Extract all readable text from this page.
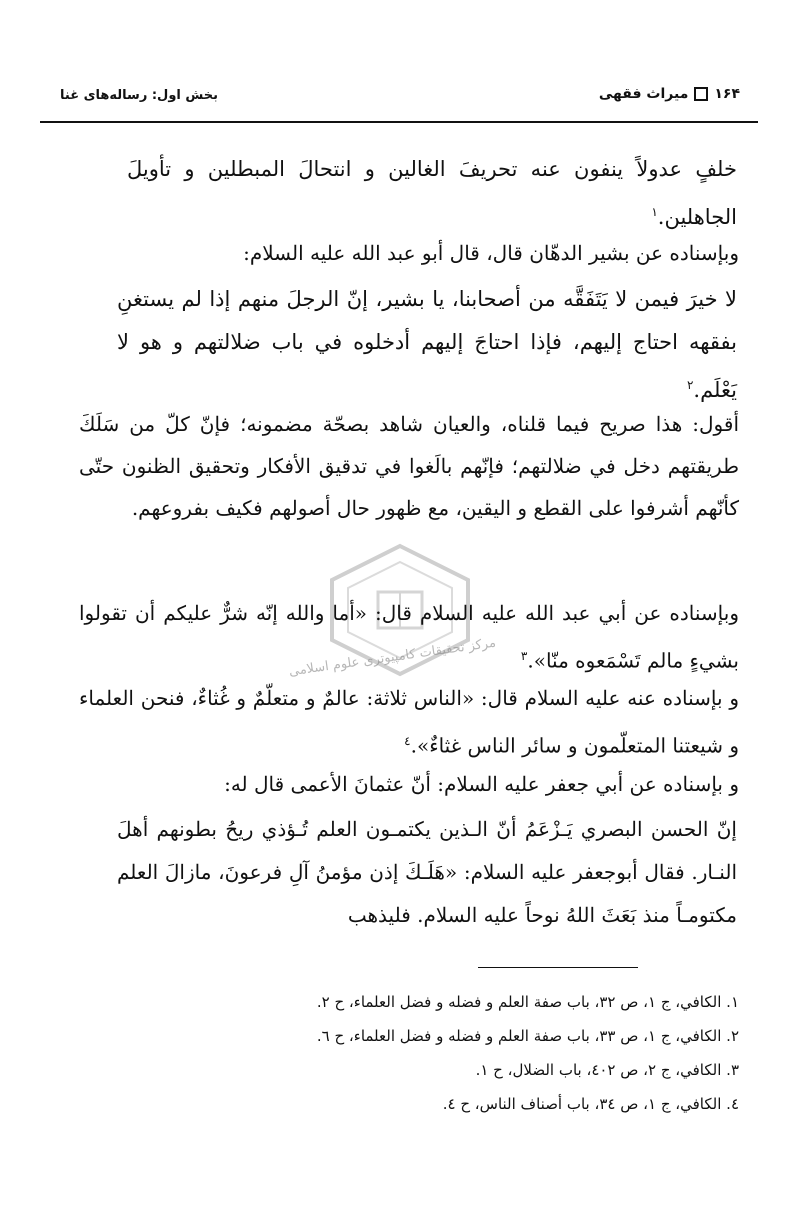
۱۶۴
میراث فقهی
بخش اول: رساله‌های غنا
خلفٍ عدولاً ينفون عنه تحريفَ الغالين و انتحالَ المبطلين و تأويلَ الجاهلين.$^١$
وبإسناده عن بشير الدهّان قال، قال أبو عبد الله عليه السلام:
لا خيرَ فيمن لا يَتَفَقَّه من أصحابنا، يا بشير، إنّ الرجلَ منهم إذا لم يستغنِ بفقهه احتاج إليهم، فإذا احتاجَ إليهم أدخلوه في باب ضلالتهم و هو لا يَعْلَم.$^٢$
أقول: هذا صريح فيما قلناه، والعيان شاهد بصحّة مضمونه؛ فإنّ كلّ من سَلَكَ طريقتهم دخل في ضلالتهم؛ فإنّهم بالَغوا في تدقيق الأفكار وتحقيق الظنون حتّى كأنّهم أشرفوا على القطع و اليقين، مع ظهور حال أصولهم فكيف بفروعهم.
مرکز تحقیقات کامپیوتری علوم اسلامی
وبإسناده عن أبي عبد الله عليه السلام قال: «أما والله إنّه شرٌّ عليكم أن تقولوا بشيءٍ مالم تَسْمَعوه منّا».$^٣$
و بإسناده عنه عليه السلام قال: «الناس ثلاثة: عالمٌ و متعلّمٌ و غُثاءٌ، فنحن العلماء و شيعتنا المتعلّمون و سائر الناس غثاءٌ».$^٤$
و بإسناده عن أبي جعفر عليه السلام: أنّ عثمانَ الأعمى قال له:
إنّ الحسن البصري يَـزْعَمُ أنّ الـذين يكتمـون العلم تُـؤذي ريحُ بطونهم أهلَ النـار. فقال أبوجعفر عليه السلام: «هَلَـكَ إذن مؤمنُ آلِ فرعونَ، مازالَ العلم مكتومـاً منذ بَعَثَ اللهُ نوحاً عليه السلام. فليذهب

١. الكافي، ج ١، ص ٣٢، باب صفة العلم و فضله و فضل العلماء، ح ٢.

٢. الكافي، ج ١، ص ٣٣، باب صفة العلم و فضله و فضل العلماء، ح ٦.

٣. الكافي، ج ٢، ص ٤٠٢، باب الضلال، ح ١.

٤. الكافي، ج ١، ص ٣٤، باب أصناف الناس، ح ٤.
